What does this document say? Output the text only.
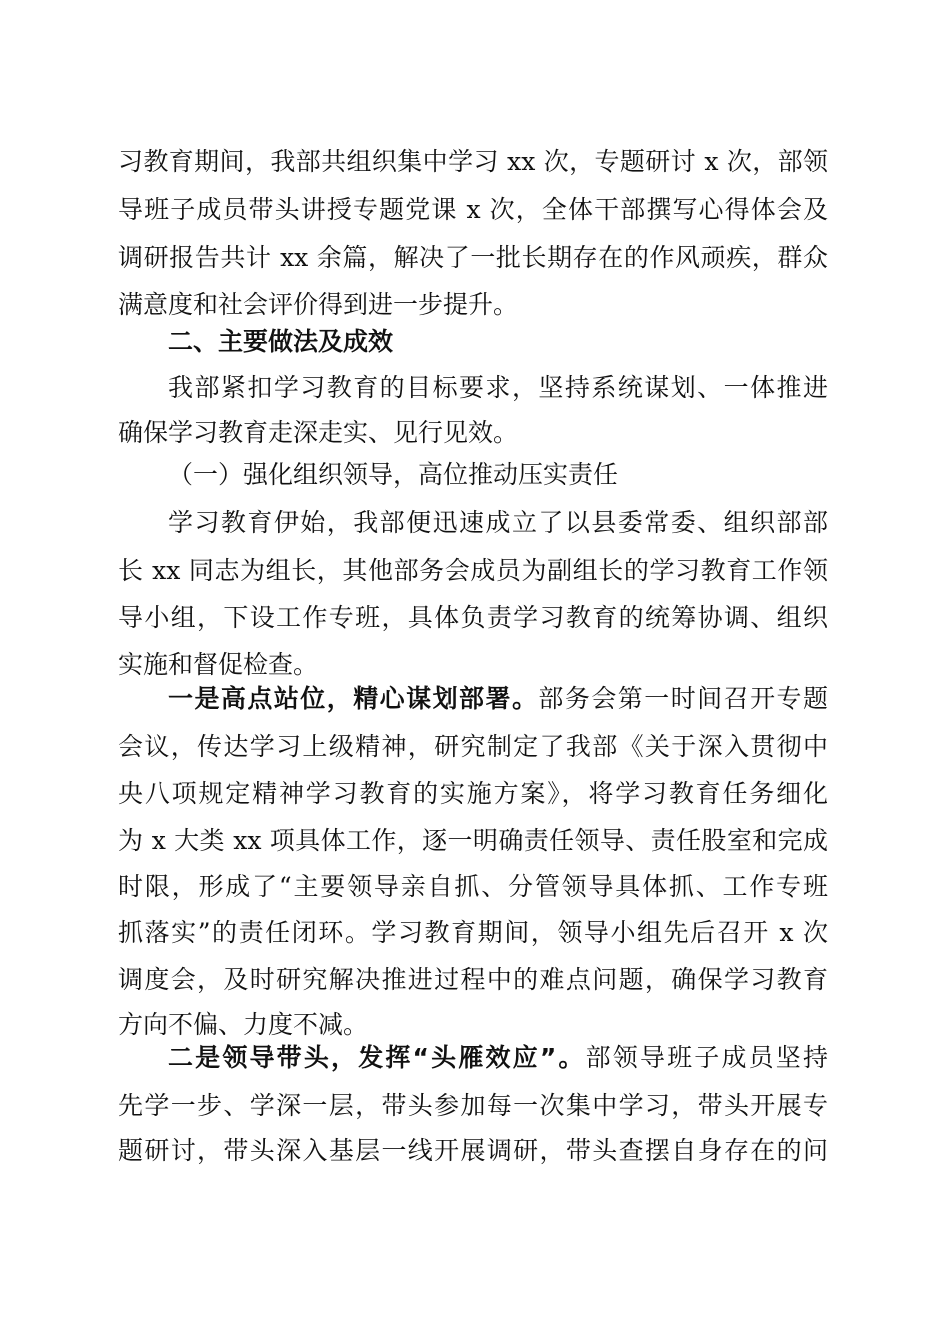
习教育期间，我部共组织集中学习 xx 次，专题研讨 x 次，部领
导班子成员带头讲授专题党课 x 次，全体干部撰写心得体会及
调研报告共计 xx 余篇，解决了一批长期存在的作风顽疾，群众
满意度和社会评价得到进一步提升。
二、主要做法及成效
我部紧扣学习教育的目标要求，坚持系统谋划、一体推进
确保学习教育走深走实、见行见效。
（一）强化组织领导，高位推动压实责任
学习教育伊始，我部便迅速成立了以县委常委、组织部部
长 xx 同志为组长，其他部务会成员为副组长的学习教育工作领
导小组，下设工作专班，具体负责学习教育的统筹协调、组织
实施和督促检查。
一是高点站位，精心谋划部署。部务会第一时间召开专题
会议，传达学习上级精神，研究制定了我部《关于深入贯彻中
央八项规定精神学习教育的实施方案》，将学习教育任务细化
为 x 大类 xx 项具体工作，逐一明确责任领导、责任股室和完成
时限，形成了“主要领导亲自抓、分管领导具体抓、工作专班
抓落实”的责任闭环。学习教育期间，领导小组先后召开 x 次
调度会，及时研究解决推进过程中的难点问题，确保学习教育
方向不偏、力度不减。
二是领导带头，发挥“头雁效应”。部领导班子成员坚持
先学一步、学深一层，带头参加每一次集中学习，带头开展专
题研讨，带头深入基层一线开展调研，带头查摆自身存在的问
